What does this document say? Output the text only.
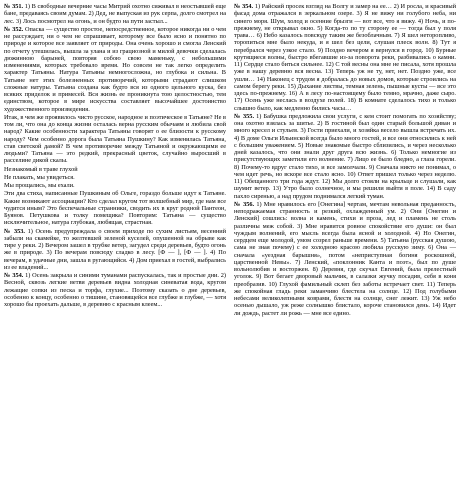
№ 351. 1) В свободные вечерние часы Митрий охотно сиживал в неостывшей еще бане, предаваясь своим думам. 2) Дед, не выпуская из рук серпа, долго смотрел на лес. 3) Лось посмотрел на огонь, и он будто на пути застыл...

№ 352. Опаска — существо простое, непосредственное, которое никогда ни о чем не рассуждает, ни о чем не спрашивает, которому все было ясно и понятно по природе и которое все заявляет от природы. Она очень хорошо и смогла Ленский по отчету утешилась, вышла за улана и из грациозной и милой девочки сделалась дюжинною барыней, повторяя собою свою маменьку, с небольшими изменениями, которых требовало время. Но совсем не так легко определить характер Татьяны. Натура Татьяны немногосложна, но глубока и сильна. В Татьяне нет этих болезненных противоречий, которыми страдают слишком сложные натуры. Татьяна создана как будто вся из одного цельного куска, без всяких приделок и примесей. Вся жизнь ее проникнута тою целостностью, тем единством, которое в мире искусства составляет высочайшее достоинство художественного произведения.

Итак, в чем же проявилось чисто русское, народное и поэтическое в Татьяне? Не в том ли, что она до конца жизни осталась верна русским обычаям и любила свой народ? Какие особенности характера Татьяны говорят о ее близости к русскому народу? Чем особенно дорога была Татьяна Пушкину? Как изменилась Татьяна, став светской дамой? В чем противоречие между Татьяной и окружающими ее людьми? Татьяна — это редкий, прекрасный цветок, случайно выросший в расселине дикой скалы.

Незнакомый в траве глухой

Не плакать, мы увидеться.

Мы прощались, мы ехали.

Эти два стиха, написанные Пушкиным об Ольге, гораздо больше идут к Татьяне. Какие возникают ассоциации? Кто сделал кругом тот волшебный мир, где нам все чудится иным? Это беспечальные странники, сводить их в круг родной Пантеон, Буянов. Петушкова и толку помещика? Повторим: Татьяна — существо исключительное, натура глубокая, любящая, страстная.

№ 353. 1) Осень предупреждала о своем приходе по сухим листьям, весенний забыли на скамейке, то желтевшей зеленой куселей, опушенной на обрыве как тире у реки. 2) Вечером зашел в трубке ветер, загудел среди деревьев, будто огонь же в природе. 3) По вечерам повсюду сладко в лесу. [Ф — ], [Ф — ]. 4) По вечерам, в удачные дни, зашла в ругающийся. 4) Дом приехал в гостей, выбрались из ее владений...

№ 354. 1) Осень закрыла и синими туманами распускалась, так и простые дни. 2) Весной, сквозь легкие ветви деревьев видна холодная синеватая вода, кругом лежащие сопки из песка и торфа, глухие... Поэтому сказать о дне деревьев, особенно к концу, особенно о тишине, становящейся все глубже и глубже, — хотя хорошо бы проехать дальше, в деревню с красным клеем...

№ 354. 1) Райский просек взгляд на Волгу и замер на ее… 2) И росла, и красивый фасад дома отражался в зеркальном озере. 3) Я не вижу ни голубого неба, ни синего моря. Шум, холод и осенние брызги — вот все, что я вижу. 4) Ночь, и по-прежнему, не открывал окно. 5) Когда-то по ту сторону ее — тогда был у поля трава… 6) Небо казалось повсюду таким же безоблачным. 7) Я шел неторопливо, торопиться мне было некуда, и я шел без цели, слушая плеск волн. 8) Тут я перебрался через узкое стало. 9) Поздно вечером я вернулся в город. 10) Бурные крутящиеся волны, быстро вбегавшие из-за поворота реки, разбивались о камни. 11) Сердце стало биться сильнее. 12) С той весны она мне не писала, хотя прошла уже в нашу деревню вся весна. 13) Теперь уж не ту, нет, нет. Поздно уже, все ушли… 14) Наконец с трудом я добралась до новых домов, которые строились на самом берегу реки. 15) Дыхание листвы, темная зелень, пышные кусты — все это здесь по-прежнему. 16) А в лесу по-настоящему было темно, мрачно, даже сыро. 17) Осень уже неслась в воздухе полей. 18) В комнате сделалось тихо и только слышно было, как медленно бились часы…

№ 355. 1) Бабушка предложила свои услуги, с кем стоит помогать по хозяйству; она охотно взялась за шитье. 2) В гостиной был один старый большой диван и много кресел и стульев. 3) Гости приехали, и хозяйка весело вышла встречать их. 4) В доме Ольги Ильинской всегда было много гостей, и все они относились к ней с большим уважением. 5) Новые знакомые быстро сблизились, и через несколько дней казалось, что они знали друг друга всю жизнь. 6) Только немногие из присутствующих заметили его волнение. 7) Лицо ее было бледно, а глаза горели. 8) Почему-то вдруг стало тихо, и все замолчали. 9) Сначала никто не понимал, о чем идет речь, но вскоре все стало ясно. 10) Ответ пришел только через неделю. 11) Обещанного три года ждут. 12) Мы долго стояли на крыльце и слушали, как шумит ветер. 13) Утро было солнечное, и мы решили выйти в поле. 14) В саду пахло сиренью, а над прудом поднимался легкий туман.

№ 356. 1) Мне нравилось его [Онегина] чертам, мечтам невольная преданность, неподражаемая странность и резкий, охлажденный ум. 2) Они [Онегин и Ленский] сошлись: волна и камень, стихи и проза, лед и пламень не столь различны меж собой. 3) Мне нравится ровное спокойствие его души: он был чуждым волнений, его мысль всегда была ясной и холодной. 4) Но Онегин, сердцем еще молодой, умом созрел раньше времени. 5) Татьяна (русская душою, сама не зная почему) с ее холодною красою любила русскую зиму. 6) Она — сначала «уездная барышня», потом «неприступная богиня роскошной, царственной Невы». 7) Ленский, «поклонник Канта и поэт», был по душе вольнолюбив и восторжен. 8) Деревня, где скучал Евгений, была прелестный уголок. 9) Вот бегает дворовый мальчик, в салазки жучку посадив, себя в коня преобразив. 10) Глухой фамильный склеп без заботы встречает свет. 11) Теперь же спокойная гладь реки заманчиво блестела на солнце. 12) Под голубыми небесами великолепными коврами, блестя на солнце, снег лежит. 13) Уж небо осенью дышало, уж реже солнышко блистало, короче становился день. 14) Идет ли дождь, растет ли рожь — мне все едино.
